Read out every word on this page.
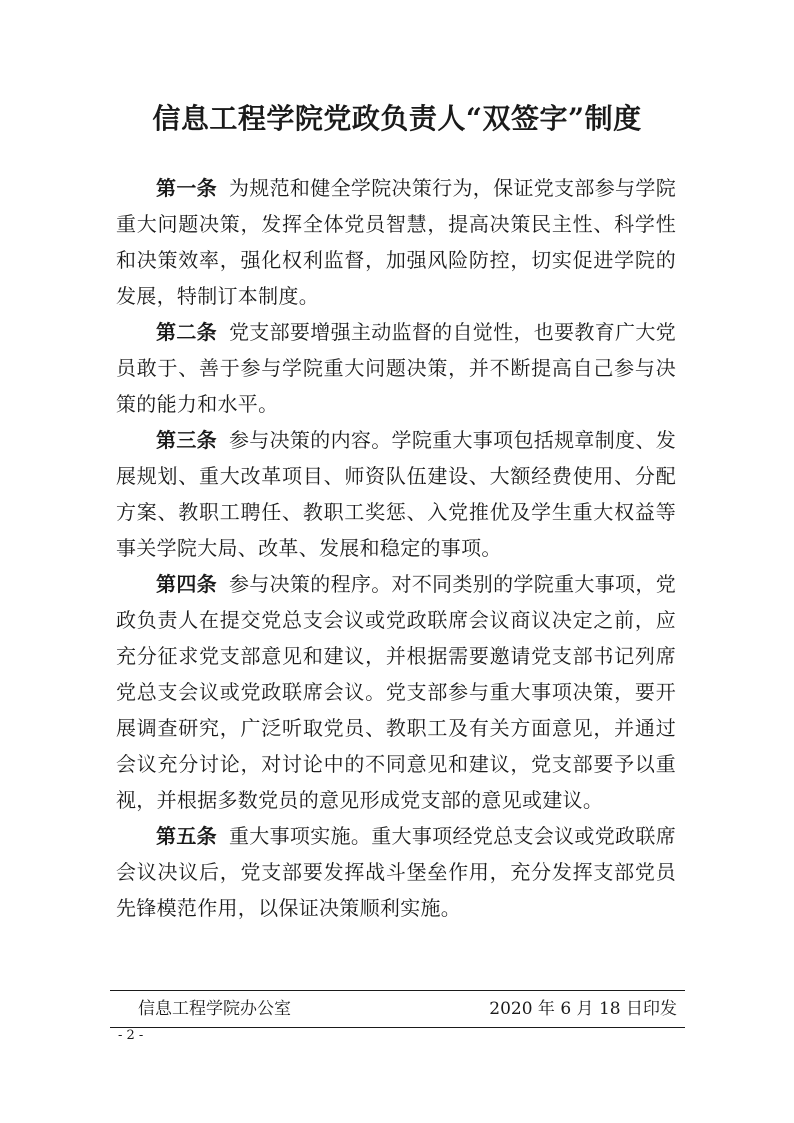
信息工程学院党政负责人“双签字”制度

第一条 为规范和健全学院决策行为，保证党支部参与学院重大问题决策，发挥全体党员智慧，提高决策民主性、科学性和决策效率，强化权利监督，加强风险防控，切实促进学院的发展，特制订本制度。

第二条 党支部要增强主动监督的自觉性，也要教育广大党员敢于、善于参与学院重大问题决策，并不断提高自己参与决策的能力和水平。

第三条 参与决策的内容。学院重大事项包括规章制度、发展规划、重大改革项目、师资队伍建设、大额经费使用、分配方案、教职工聘任、教职工奖惩、入党推优及学生重大权益等事关学院大局、改革、发展和稳定的事项。

第四条 参与决策的程序。对不同类别的学院重大事项，党政负责人在提交党总支会议或党政联席会议商议决定之前，应充分征求党支部意见和建议，并根据需要邀请党支部书记列席党总支会议或党政联席会议。党支部参与重大事项决策，要开展调查研究，广泛听取党员、教职工及有关方面意见，并通过会议充分讨论，对讨论中的不同意见和建议，党支部要予以重视，并根据多数党员的意见形成党支部的意见或建议。

第五条 重大事项实施。重大事项经党总支会议或党政联席会议决议后，党支部要发挥战斗堡垒作用，充分发挥支部党员先锋模范作用，以保证决策顺利实施。

信息工程学院办公室	2020 年 6 月 18 日印发
- 2 -
